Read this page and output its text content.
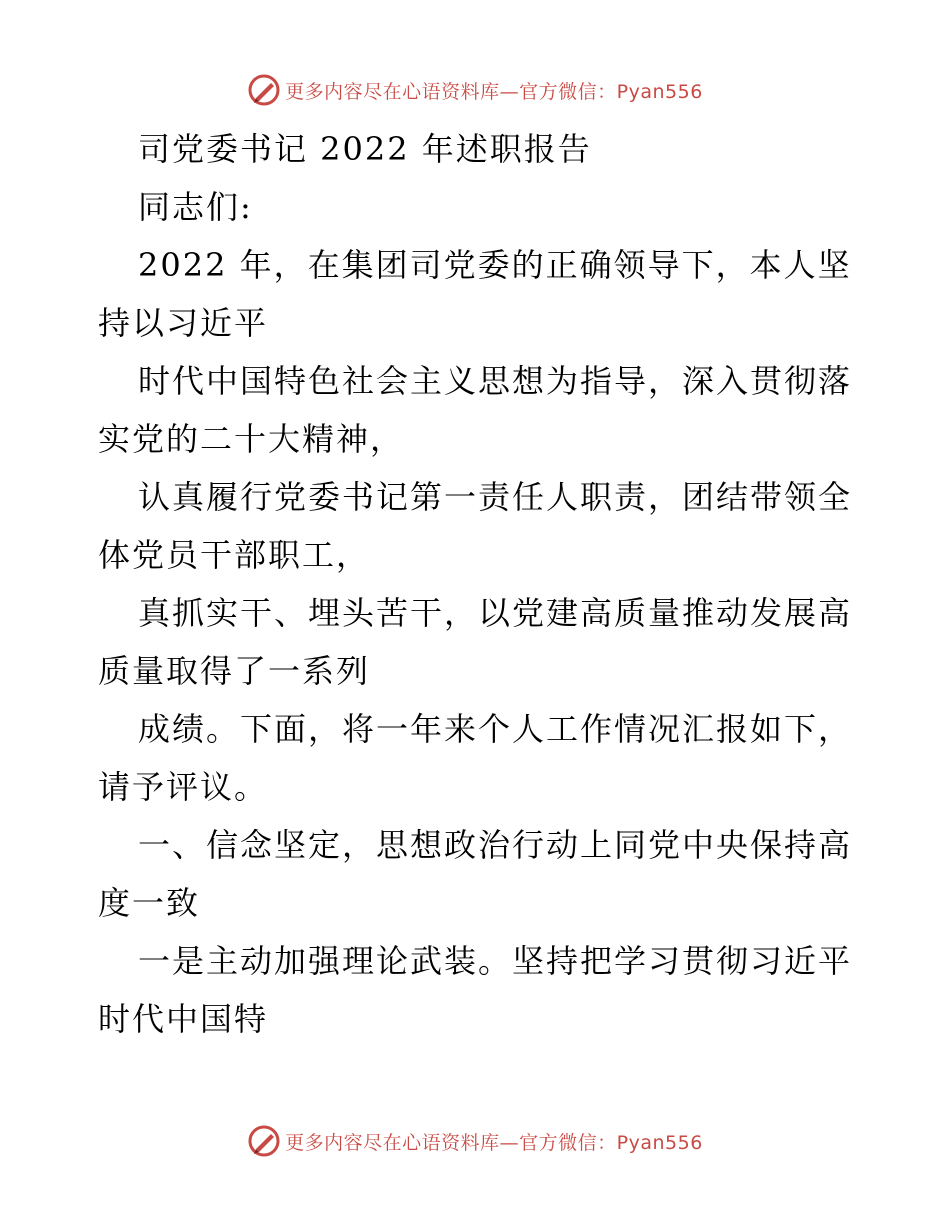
更多内容尽在心语资料库—官方微信：Pyan556

司党委书记 2022 年述职报告

同志们:

2022 年，在集团司党委的正确领导下，本人坚

持以习近平

时代中国特色社会主义思想为指导，深入贯彻落

实党的二十大精神，

认真履行党委书记第一责任人职责，团结带领全

体党员干部职工，

真抓实干、埋头苦干，以党建高质量推动发展高

质量取得了一系列

成绩。下面，将一年来个人工作情况汇报如下，

请予评议。

一、信念坚定，思想政治行动上同党中央保持高

度一致

一是主动加强理论武装。坚持把学习贯彻习近平

时代中国特

更多内容尽在心语资料库—官方微信：Pyan556
